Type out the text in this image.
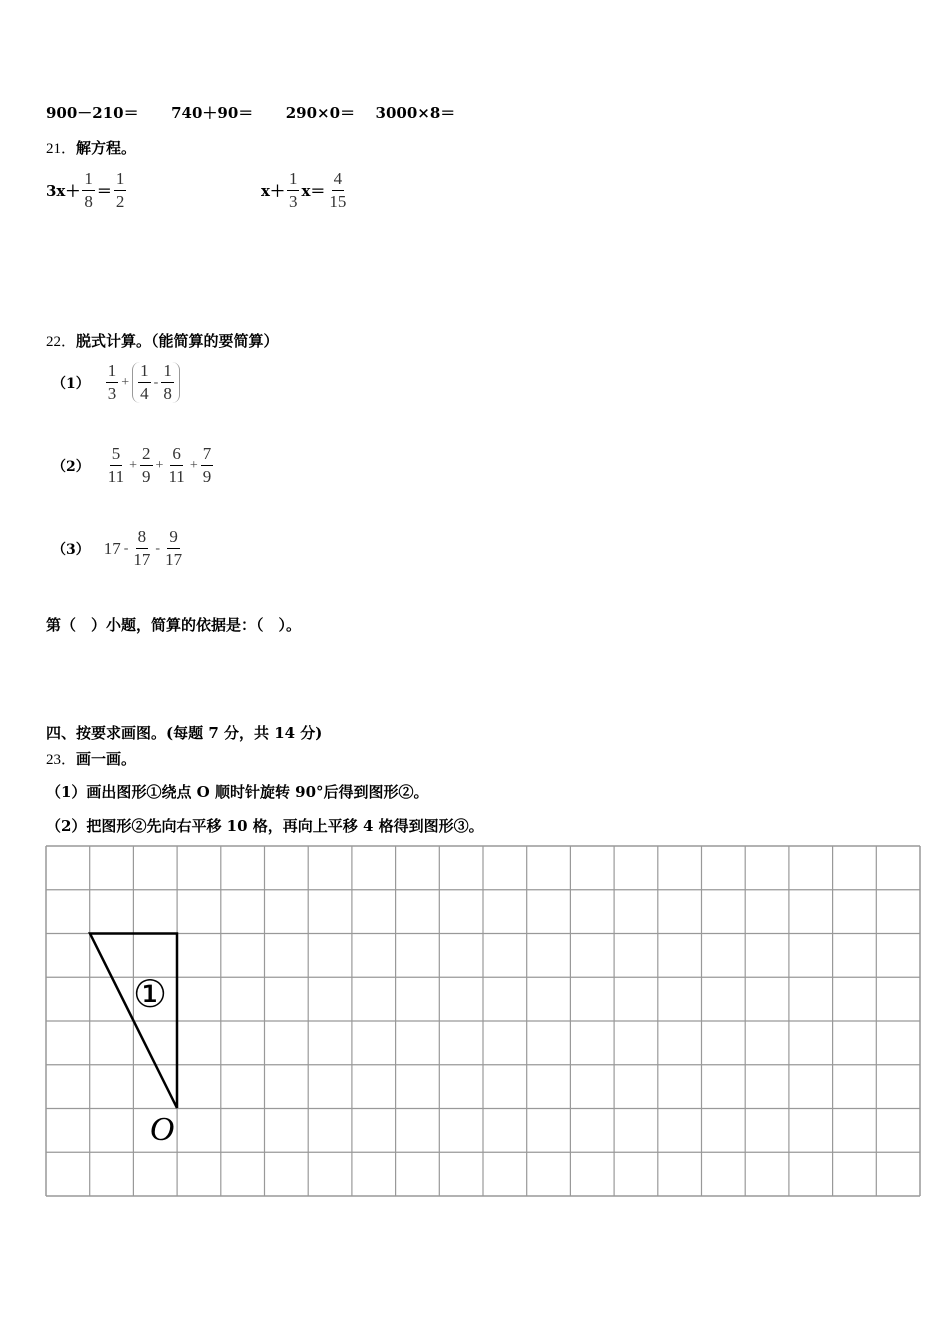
900－210＝ 740＋90＝ 290×0＝ 3000×8＝
21．解方程。
$3x+ \frac{1}{8} = \frac{1}{2}$	$x+ \frac{1}{3} x= \frac{4}{15}$
22．脱式计算。（能简算的要简算）
$(1) \frac{1}{3} + \frac{1}{4} - \frac{1}{8}$
$(2) \frac{5}{11} + \frac{2}{9} + \frac{6}{11} + \frac{7}{9}$
（3） $17 - \frac{8}{17} - \frac{9}{17}$
第（　）小题，简算的依据是：（　）。
四、按要求画图。(每题 7 分，共 14 分)
23．画一画。
（1）画出图形①绕点 O 顺时针旋转 90°后得到图形②。
（2）把图形②先向右平移 10 格，再向上平移 4 格得到图形③。
①
O
